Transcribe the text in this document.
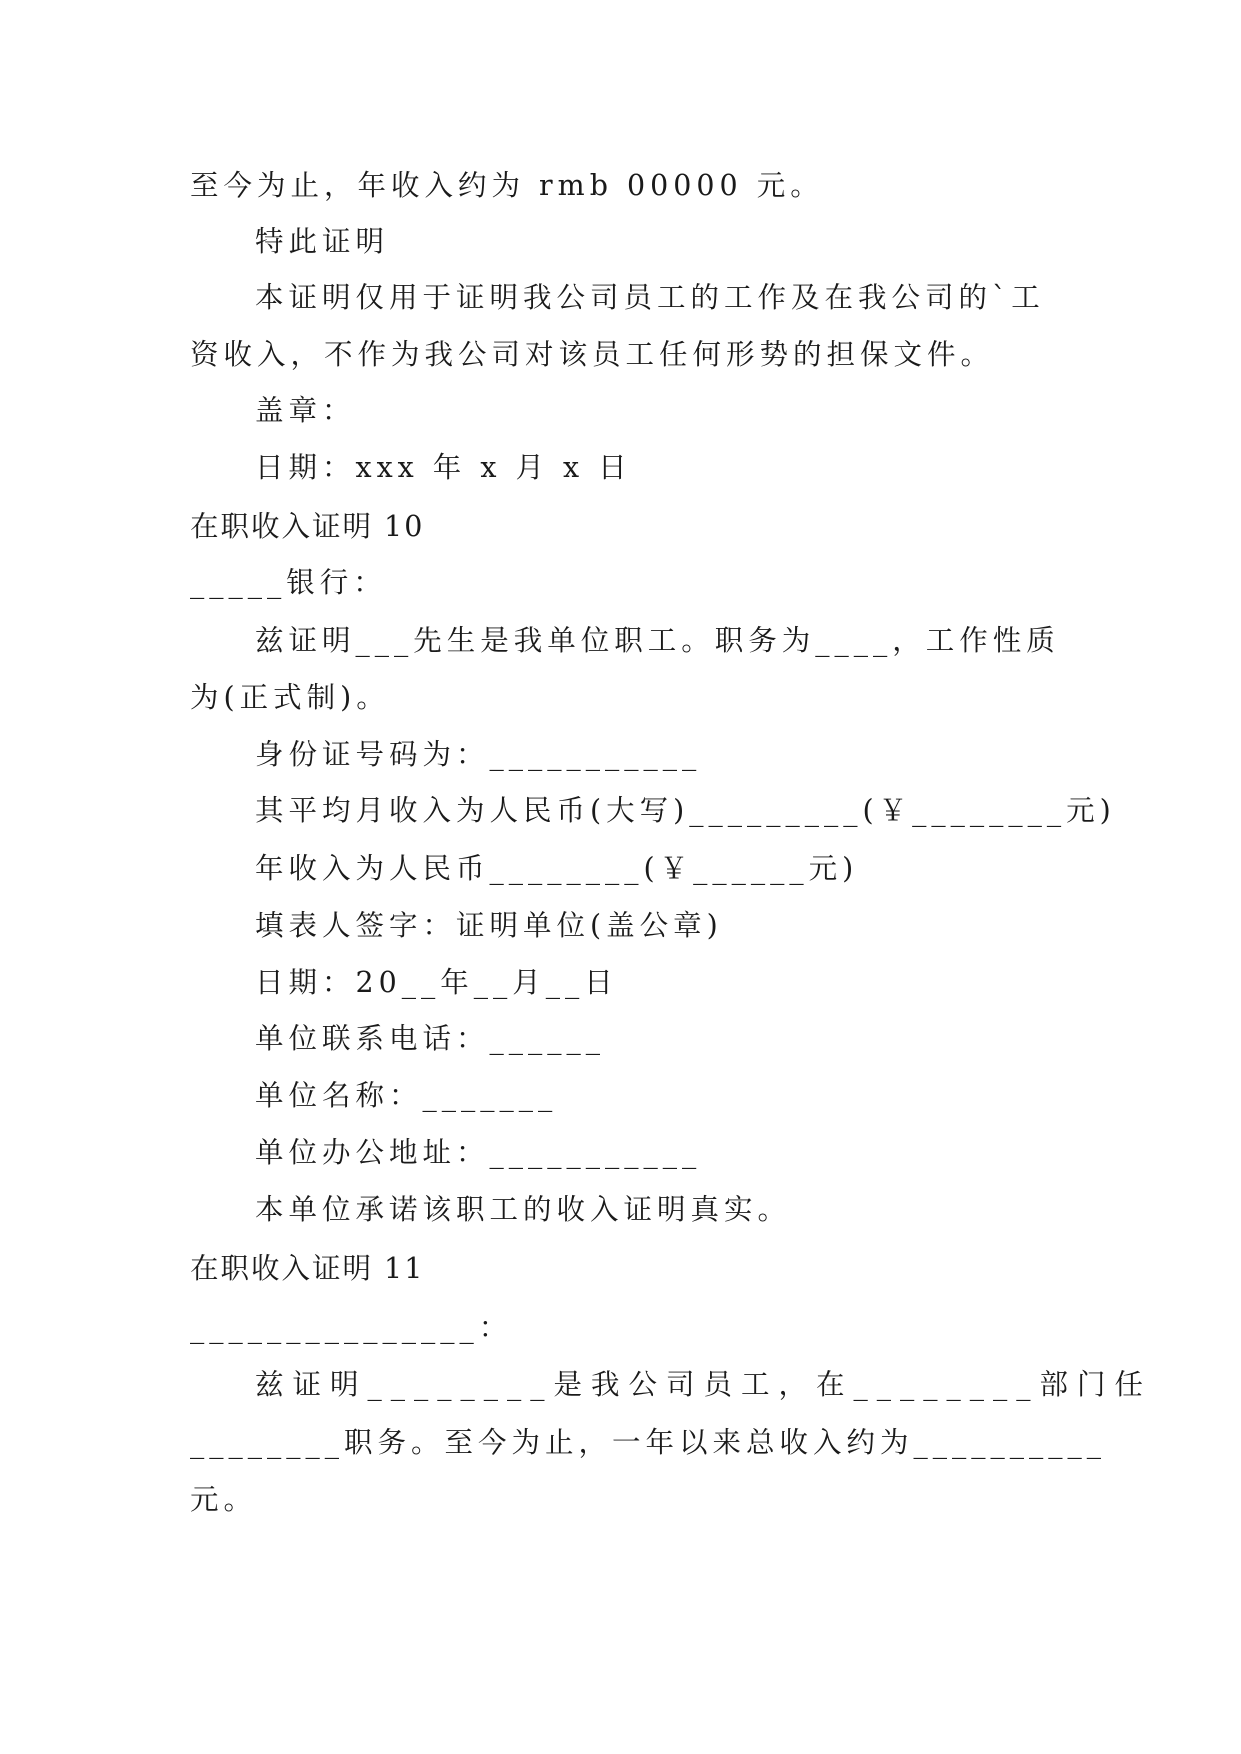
至今为止，年收入约为 rmb 00000 元。
特此证明
本证明仅用于证明我公司员工的工作及在我公司的`工
资收入，不作为我公司对该员工任何形势的担保文件。
盖章：
日期：xxx 年 x 月 x 日
在职收入证明 10
_____银行：
兹证明___先生是我单位职工。职务为____，工作性质
为(正式制)。
身份证号码为：___________
其平均月收入为人民币(大写)_________(￥________元)
年收入为人民币________(￥______元)
填表人签字：证明单位(盖公章)
日期：20__年__月__日
单位联系电话：______
单位名称：_______
单位办公地址：___________
本单位承诺该职工的收入证明真实。
在职收入证明 11
_______________：
兹证明________是我公司员工，在________部门任
________职务。至今为止，一年以来总收入约为__________
元。
